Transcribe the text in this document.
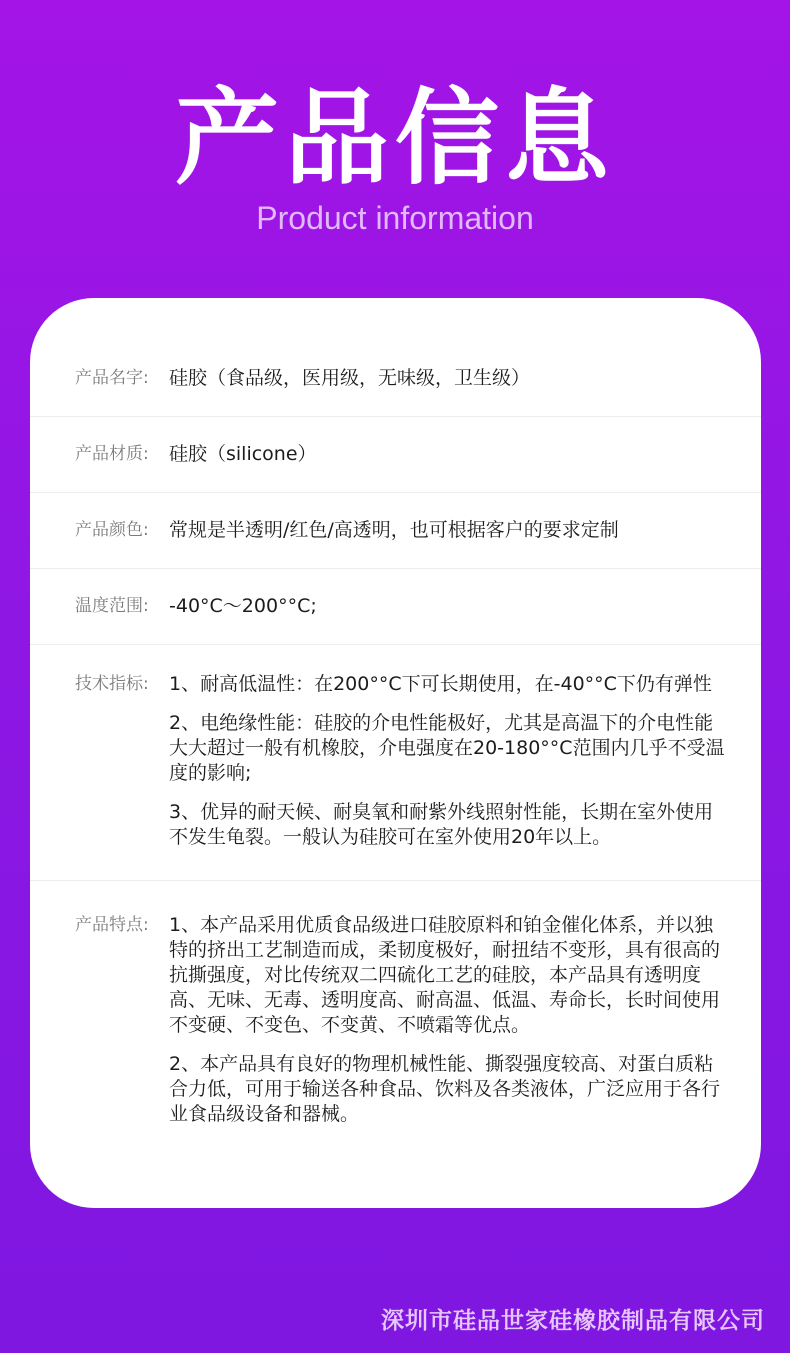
产品信息
Product information
产品名字:	硅胶（食品级，医用级，无味级，卫生级）

产品材质:	硅胶（silicone）

产品颜色:	常规是半透明/红色/高透明，也可根据客户的要求定制

温度范围:	-40°C～200°°C;

技术指标:	1、耐高低温性：在200°°C下可长期使用，在-40°°C下仍有弹性

2、电绝缘性能：硅胶的介电性能极好，尤其是高温下的介电性能大大超过一般有机橡胶，介电强度在20-180°°C范围内几乎不受温度的影响;

3、优异的耐天候、耐臭氧和耐紫外线照射性能，长期在室外使用不发生龟裂。一般认为硅胶可在室外使用20年以上。

产品特点:	1、本产品采用优质食品级进口硅胶原料和铂金催化体系，并以独特的挤出工艺制造而成，柔韧度极好，耐扭结不变形，具有很高的抗撕强度，对比传统双二四硫化工艺的硅胶，本产品具有透明度高、无味、无毒、透明度高、耐高温、低温、寿命长，长时间使用不变硬、不变色、不变黄、不喷霜等优点。

2、本产品具有良好的物理机械性能、撕裂强度较高、对蛋白质粘合力低，可用于输送各种食品、饮料及各类液体，广泛应用于各行业食品级设备和器械。

深圳市硅品世家硅橡胶制品有限公司
